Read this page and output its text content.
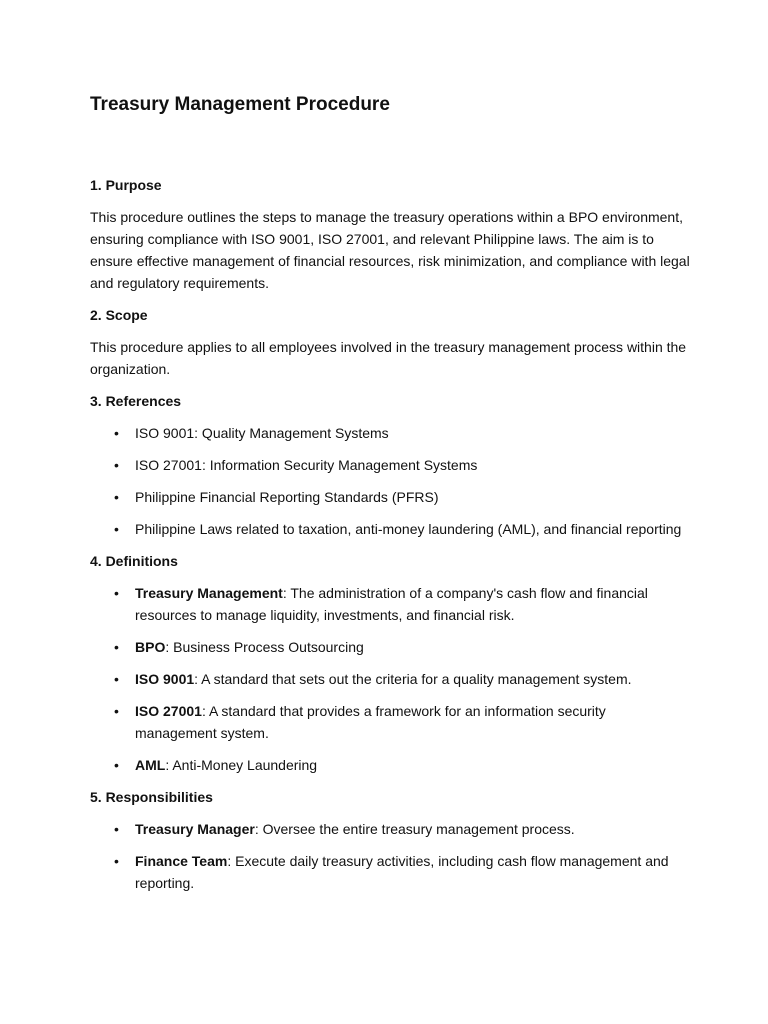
Treasury Management Procedure
1. Purpose

This procedure outlines the steps to manage the treasury operations within a BPO environment, ensuring compliance with ISO 9001, ISO 27001, and relevant Philippine laws. The aim is to ensure effective management of financial resources, risk minimization, and compliance with legal and regulatory requirements.

2. Scope

This procedure applies to all employees involved in the treasury management process within the organization.

3. References
• ISO 9001: Quality Management Systems
• ISO 27001: Information Security Management Systems
• Philippine Financial Reporting Standards (PFRS)
• Philippine Laws related to taxation, anti-money laundering (AML), and financial reporting
4. Definitions
• Treasury Management: The administration of a company's cash flow and financial resources to manage liquidity, investments, and financial risk.
• BPO: Business Process Outsourcing
• ISO 9001: A standard that sets out the criteria for a quality management system.
• ISO 27001: A standard that provides a framework for an information security management system.
• AML: Anti-Money Laundering
5. Responsibilities
• Treasury Manager: Oversee the entire treasury management process.
• Finance Team: Execute daily treasury activities, including cash flow management and reporting.
